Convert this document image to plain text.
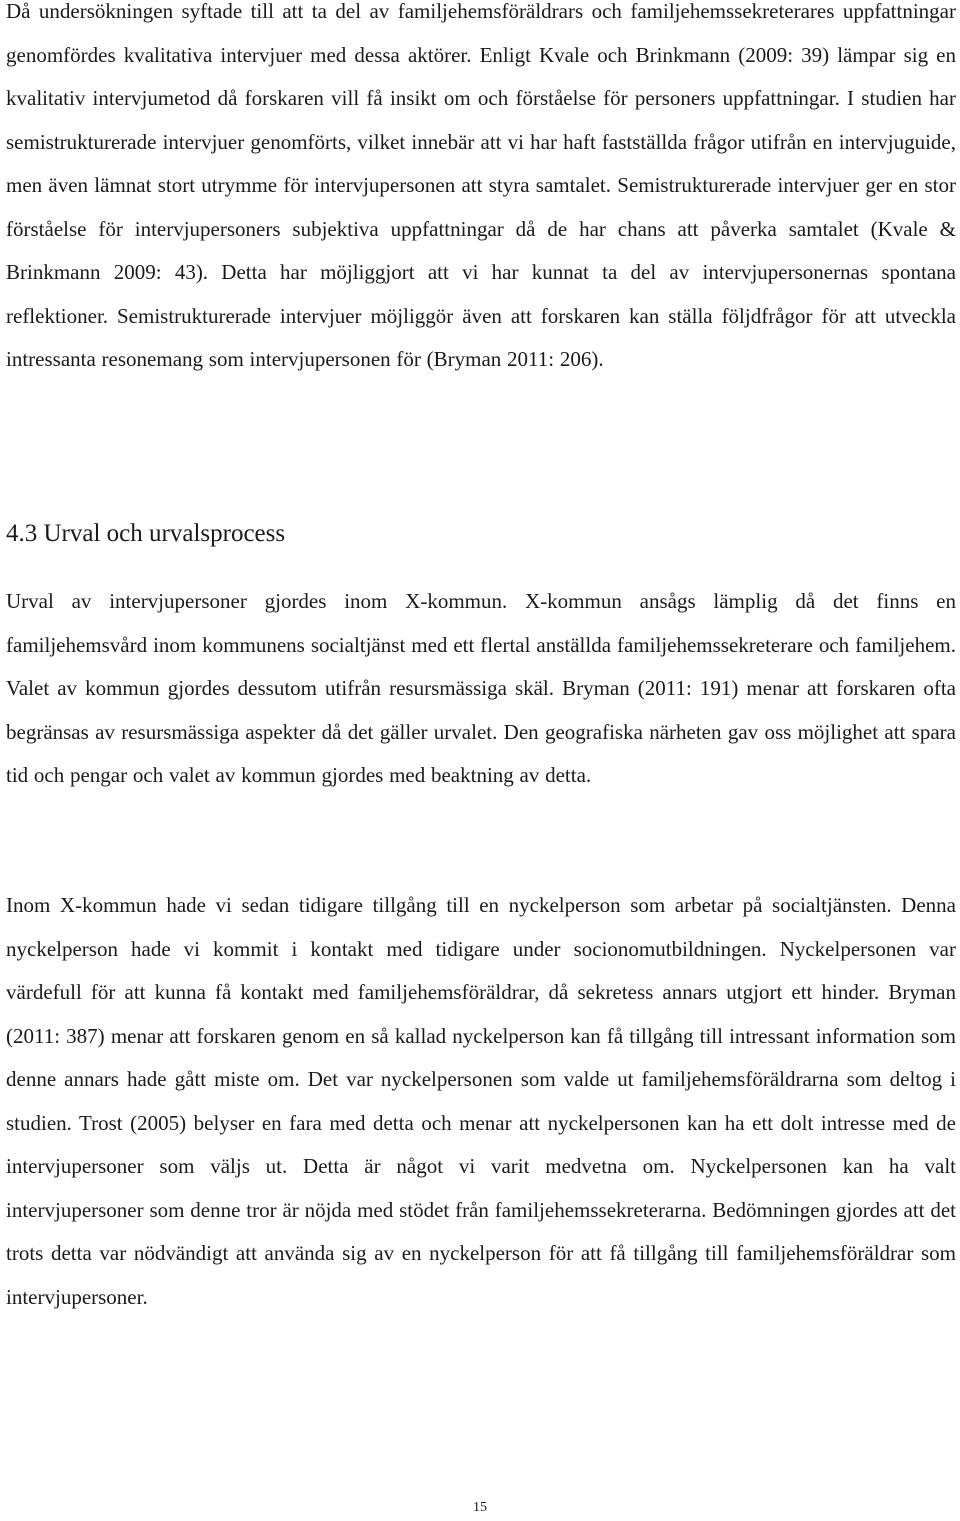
Då undersökningen syftade till att ta del av familjehemsföräldrars och familjehemssekreterares uppfattningar genomfördes kvalitativa intervjuer med dessa aktörer. Enligt Kvale och Brinkmann (2009: 39) lämpar sig en kvalitativ intervjumetod då forskaren vill få insikt om och förståelse för personers uppfattningar. I studien har semistrukturerade intervjuer genomförts, vilket innebär att vi har haft fastställda frågor utifrån en intervjuguide, men även lämnat stort utrymme för intervjupersonen att styra samtalet. Semistrukturerade intervjuer ger en stor förståelse för intervjupersoners subjektiva uppfattningar då de har chans att påverka samtalet (Kvale & Brinkmann 2009: 43). Detta har möjliggjort att vi har kunnat ta del av intervjupersonernas spontana reflektioner. Semistrukturerade intervjuer möjliggör även att forskaren kan ställa följdfrågor för att utveckla intressanta resonemang som intervjupersonen för (Bryman 2011: 206).

4.3 Urval och urvalsprocess

Urval av intervjupersoner gjordes inom X-kommun. X-kommun ansågs lämplig då det finns en familjehemsvård inom kommunens socialtjänst med ett flertal anställda familjehemssekreterare och familjehem. Valet av kommun gjordes dessutom utifrån resursmässiga skäl. Bryman (2011: 191) menar att forskaren ofta begränsas av resursmässiga aspekter då det gäller urvalet. Den geografiska närheten gav oss möjlighet att spara tid och pengar och valet av kommun gjordes med beaktning av detta.

Inom X-kommun hade vi sedan tidigare tillgång till en nyckelperson som arbetar på socialtjänsten. Denna nyckelperson hade vi kommit i kontakt med tidigare under socionomutbildningen. Nyckelpersonen var värdefull för att kunna få kontakt med familjehemsföräldrar, då sekretess annars utgjort ett hinder. Bryman (2011: 387) menar att forskaren genom en så kallad nyckelperson kan få tillgång till intressant information som denne annars hade gått miste om. Det var nyckelpersonen som valde ut familjehemsföräldrarna som deltog i studien. Trost (2005) belyser en fara med detta och menar att nyckelpersonen kan ha ett dolt intresse med de intervjupersoner som väljs ut. Detta är något vi varit medvetna om. Nyckelpersonen kan ha valt intervjupersoner som denne tror är nöjda med stödet från familjehemssekreterarna. Bedömningen gjordes att det trots detta var nödvändigt att använda sig av en nyckelperson för att få tillgång till familjehemsföräldrar som intervjupersoner.

15
